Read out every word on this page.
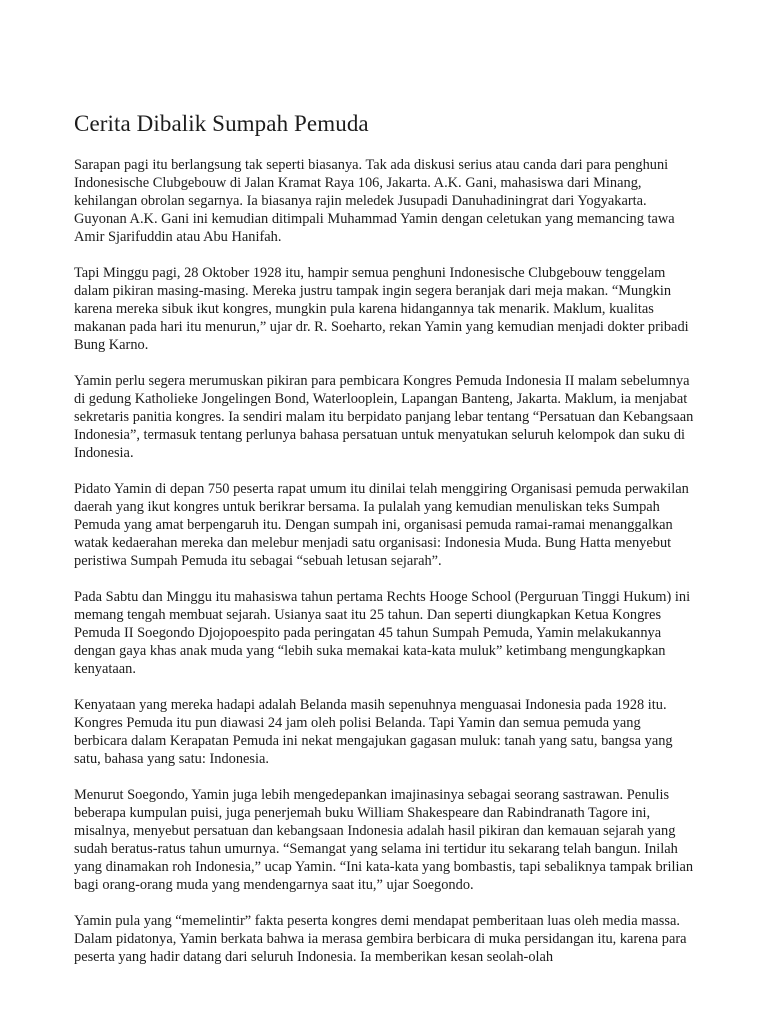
Cerita Dibalik Sumpah Pemuda

Sarapan pagi itu berlangsung tak seperti biasanya. Tak ada diskusi serius atau canda dari para penghuni Indonesische Clubgebouw di Jalan Kramat Raya 106, Jakarta. A.K. Gani, mahasiswa dari Minang, kehilangan obrolan segarnya. Ia biasanya rajin meledek Jusupadi Danuhadiningrat dari Yogyakarta. Guyonan A.K. Gani ini kemudian ditimpali Muhammad Yamin dengan celetukan yang memancing tawa Amir Sjarifuddin atau Abu Hanifah.

Tapi Minggu pagi, 28 Oktober 1928 itu, hampir semua penghuni Indonesische Clubgebouw tenggelam dalam pikiran masing-masing. Mereka justru tampak ingin segera beranjak dari meja makan. “Mungkin karena mereka sibuk ikut kongres, mungkin pula karena hidangannya tak menarik. Maklum, kualitas makanan pada hari itu menurun,” ujar dr. R. Soeharto, rekan Yamin yang kemudian menjadi dokter pribadi Bung Karno.

Yamin perlu segera merumuskan pikiran para pembicara Kongres Pemuda Indonesia II malam sebelumnya di gedung Katholieke Jongelingen Bond, Waterlooplein, Lapangan Banteng, Jakarta. Maklum, ia menjabat sekretaris panitia kongres. Ia sendiri malam itu berpidato panjang lebar tentang “Persatuan dan Kebangsaan Indonesia”, termasuk tentang perlunya bahasa persatuan untuk menyatukan seluruh kelompok dan suku di Indonesia.

Pidato Yamin di depan 750 peserta rapat umum itu dinilai telah menggiring Organisasi pemuda perwakilan daerah yang ikut kongres untuk berikrar bersama. Ia pulalah yang kemudian menuliskan teks Sumpah Pemuda yang amat berpengaruh itu. Dengan sumpah ini, organisasi pemuda ramai-ramai menanggalkan watak kedaerahan mereka dan melebur menjadi satu organisasi: Indonesia Muda. Bung Hatta menyebut peristiwa Sumpah Pemuda itu sebagai “sebuah letusan sejarah”.

Pada Sabtu dan Minggu itu mahasiswa tahun pertama Rechts Hooge School (Perguruan Tinggi Hukum) ini memang tengah membuat sejarah. Usianya saat itu 25 tahun. Dan seperti diungkapkan Ketua Kongres Pemuda II Soegondo Djojopoespito pada peringatan 45 tahun Sumpah Pemuda, Yamin melakukannya dengan gaya khas anak muda yang “lebih suka memakai kata-kata muluk” ketimbang mengungkapkan kenyataan.

Kenyataan yang mereka hadapi adalah Belanda masih sepenuhnya menguasai Indonesia pada 1928 itu. Kongres Pemuda itu pun diawasi 24 jam oleh polisi Belanda. Tapi Yamin dan semua pemuda yang berbicara dalam Kerapatan Pemuda ini nekat mengajukan gagasan muluk: tanah yang satu, bangsa yang satu, bahasa yang satu: Indonesia.

Menurut Soegondo, Yamin juga lebih mengedepankan imajinasinya sebagai seorang sastrawan. Penulis beberapa kumpulan puisi, juga penerjemah buku William Shakespeare dan Rabindranath Tagore ini, misalnya, menyebut persatuan dan kebangsaan Indonesia adalah hasil pikiran dan kemauan sejarah yang sudah beratus-ratus tahun umurnya. “Semangat yang selama ini tertidur itu sekarang telah bangun. Inilah yang dinamakan roh Indonesia,” ucap Yamin. “Ini kata-kata yang bombastis, tapi sebaliknya tampak brilian bagi orang-orang muda yang mendengarnya saat itu,” ujar Soegondo.

Yamin pula yang “memelintir” fakta peserta kongres demi mendapat pemberitaan luas oleh media massa. Dalam pidatonya, Yamin berkata bahwa ia merasa gembira berbicara di muka persidangan itu, karena para peserta yang hadir datang dari seluruh Indonesia. Ia memberikan kesan seolah-olah
